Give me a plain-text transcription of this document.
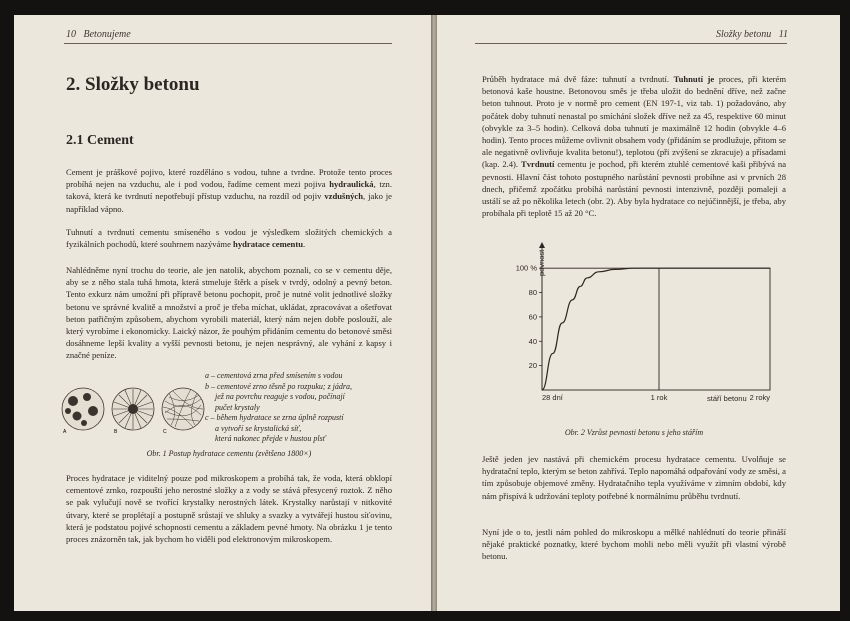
10 Betonujeme
2. Složky betonu
2.1 Cement

Cement je práškové pojivo, které rozděláno s vodou, tuhne a tvrdne. Protože tento proces probíhá nejen na vzduchu, ale i pod vodou, řadíme cement mezi pojiva hydraulická, tzn. taková, která ke tvrdnutí nepotřebují přístup vzduchu, na rozdíl od pojiv vzdušných, jako je například vápno.

Tuhnutí a tvrdnutí cementu smíseného s vodou je výsledkem složitých chemických a fyzikálních pochodů, které souhrnem nazýváme hydratace cementu.

Nahlédněme nyní trochu do teorie, ale jen natolik, abychom poznali, co se v cementu děje, aby se z něho stala tuhá hmota, která stmeluje štěrk a písek v tvrdý, odolný a pevný beton. Tento exkurz nám umožní při přípravě betonu pochopit, proč je nutné volit jednotlivé složky betonu ve správné kvalitě a množství a proč je třeba míchat, ukládat, zpracovávat a ošetřovat beton patřičným způsobem, abychom vyrobili materiál, který nám nejen dobře poslouží, ale který vyrobíme i ekonomicky. Laický názor, že pouhým přidáním cementu do betonové směsi dosáhneme lepší kvality a vyšší pevnosti betonu, je nejen nesprávný, ale vyhání z kapsy i značné peníze.

A	B	C
a – cementová zrna před smísením s vodou
b – cementové zrno těsně po rozpuku; z jádra,
jež na povrchu reaguje s vodou, počínají
pučet krystaly
c – během hydratace se zrna úplně rozpustí
a vytvoří se krystalická síť,
která nakonec přejde v hustou plsť
Obr. 1 Postup hydratace cementu (zvětšeno 1800×)

Proces hydratace je viditelný pouze pod mikroskopem a probíhá tak, že voda, která obklopí cementové zrnko, rozpouští jeho nerostné složky a z vody se stává přesycený roztok. Z něho se pak vylučují nově se tvořící krystalky nerostných látek. Krystalky narůstají v nitkovité útvary, které se proplétají a postupně srůstají ve shluky a svazky a vytvářejí hustou síťovinu, která je podstatou pojivé schopnosti cementu a základem pevné hmoty. Na obrázku 1 je tento proces znázorněn tak, jak bychom ho viděli pod elektronovým mikroskopem.

Složky betonu 11

Průběh hydratace má dvě fáze: tuhnutí a tvrdnutí. Tuhnutí je proces, při kterém betonová kaše houstne. Betonovou směs je třeba uložit do bednění dříve, než začne beton tuhnout. Proto je v normě pro cement (EN 197-1, viz tab. 1) požadováno, aby počátek doby tuhnutí nenastal po smíchání složek dříve než za 45, respektive 60 minut (obvykle za 3–5 hodin). Celková doba tuhnutí je maximálně 12 hodin (obvykle 4–6 hodin). Tento proces můžeme ovlivnit obsahem vody (přidáním se prodlužuje, přitom se ale negativně ovlivňuje kvalita betonu!), teplotou (při zvýšení se zkracuje) a přísadami (kap. 2.4). Tvrdnutí cementu je pochod, při kterém ztuhlé cementové kaši přibývá na pevnosti. Hlavní část tohoto postupného narůstání pevnosti probíhne asi v prvních 28 dnech, přičemž zpočátku probíhá narůstání pevnosti intenzivně, později pomaleji a ustálí se až po několika letech (obr. 2). Aby byla hydratace co nejúčinnější, je třeba, aby probíhala při teplotě 15 až 20 °C.

20
40
60
80
100 %
28 dní	1 rok	2 roky
pevnost
stáří betonu
Obr. 2 Vzrůst pevnosti betonu s jeho stářím

Ještě jeden jev nastává při chemickém procesu hydratace cementu. Uvolňuje se hydratační teplo, kterým se beton zahřívá. Teplo napomáhá odpařování vody ze směsi, a tím způsobuje objemové změny. Hydratačního tepla využíváme v zimním období, kdy nám přispívá k udržování teploty potřebné k normálnímu průběhu tvrdnutí.

Nyní jde o to, jestli nám pohled do mikroskopu a mělké nahlédnutí do teorie přináší nějaké praktické poznatky, které bychom mohli nebo měli využít při vlastní výrobě betonu.
